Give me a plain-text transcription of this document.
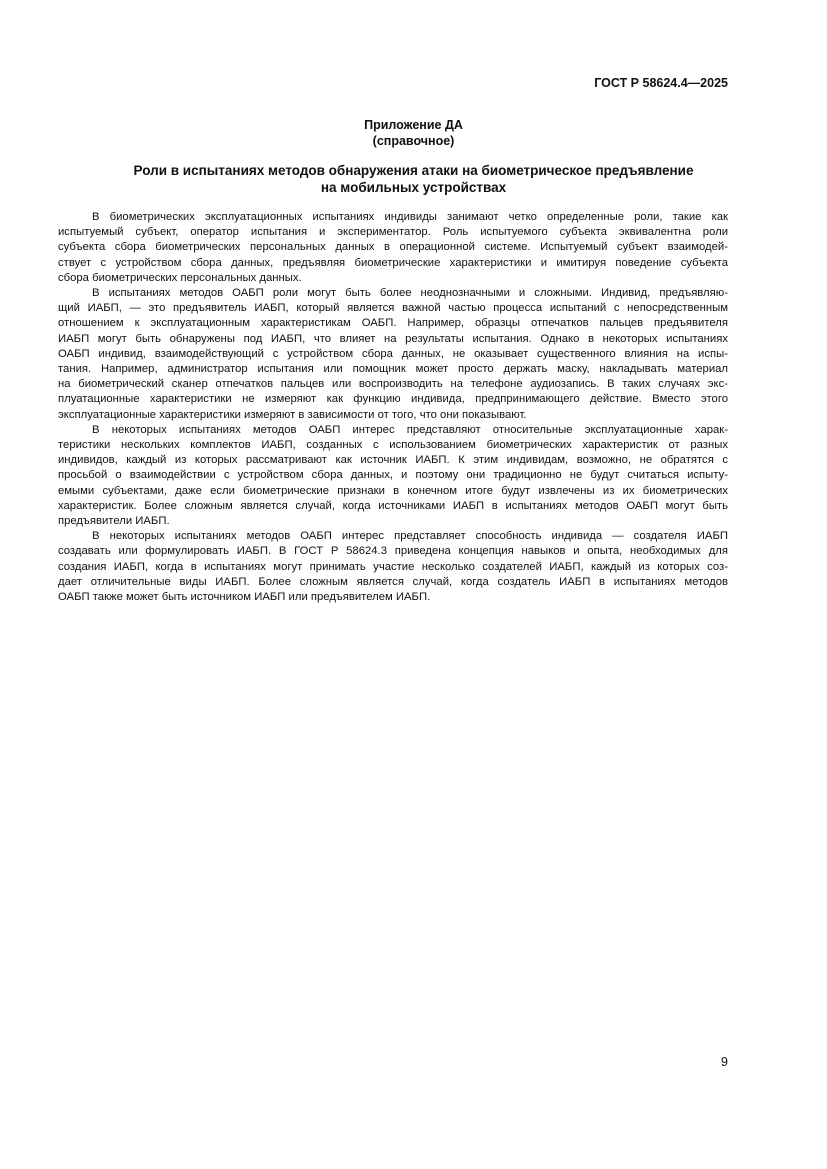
ГОСТ Р 58624.4—2025
Приложение ДА
(справочное)
Роли в испытаниях методов обнаружения атаки на биометрическое предъявление
на мобильных устройствах
В биометрических эксплуатационных испытаниях индивиды занимают четко определенные роли, такие как
испытуемый субъект, оператор испытания и экспериментатор. Роль испытуемого субъекта эквивалентна роли
субъекта сбора биометрических персональных данных в операционной системе. Испытуемый субъект взаимодей-
ствует с устройством сбора данных, предъявляя биометрические характеристики и имитируя поведение субъекта
сбора биометрических персональных данных.
В испытаниях методов ОАБП роли могут быть более неоднозначными и сложными. Индивид, предъявляю-
щий ИАБП, — это предъявитель ИАБП, который является важной частью процесса испытаний с непосредственным
отношением к эксплуатационным характеристикам ОАБП. Например, образцы отпечатков пальцев предъявителя
ИАБП могут быть обнаружены под ИАБП, что влияет на результаты испытания. Однако в некоторых испытаниях
ОАБП индивид, взаимодействующий с устройством сбора данных, не оказывает существенного влияния на испы-
тания. Например, администратор испытания или помощник может просто держать маску, накладывать материал
на биометрический сканер отпечатков пальцев или воспроизводить на телефоне аудиозапись. В таких случаях экс-
плуатационные характеристики не измеряют как функцию индивида, предпринимающего действие. Вместо этого
эксплуатационные характеристики измеряют в зависимости от того, что они показывают.
В некоторых испытаниях методов ОАБП интерес представляют относительные эксплуатационные харак-
теристики нескольких комплектов ИАБП, созданных с использованием биометрических характеристик от разных
индивидов, каждый из которых рассматривают как источник ИАБП. К этим индивидам, возможно, не обратятся с
просьбой о взаимодействии с устройством сбора данных, и поэтому они традиционно не будут считаться испыту-
емыми субъектами, даже если биометрические признаки в конечном итоге будут извлечены из их биометрических
характеристик. Более сложным является случай, когда источниками ИАБП в испытаниях методов ОАБП могут быть
предъявители ИАБП.
В некоторых испытаниях методов ОАБП интерес представляет способность индивида — создателя ИАБП
создавать или формулировать ИАБП. В ГОСТ Р 58624.3 приведена концепция навыков и опыта, необходимых для
создания ИАБП, когда в испытаниях могут принимать участие несколько создателей ИАБП, каждый из которых соз-
дает отличительные виды ИАБП. Более сложным является случай, когда создатель ИАБП в испытаниях методов
ОАБП также может быть источником ИАБП или предъявителем ИАБП.
9
